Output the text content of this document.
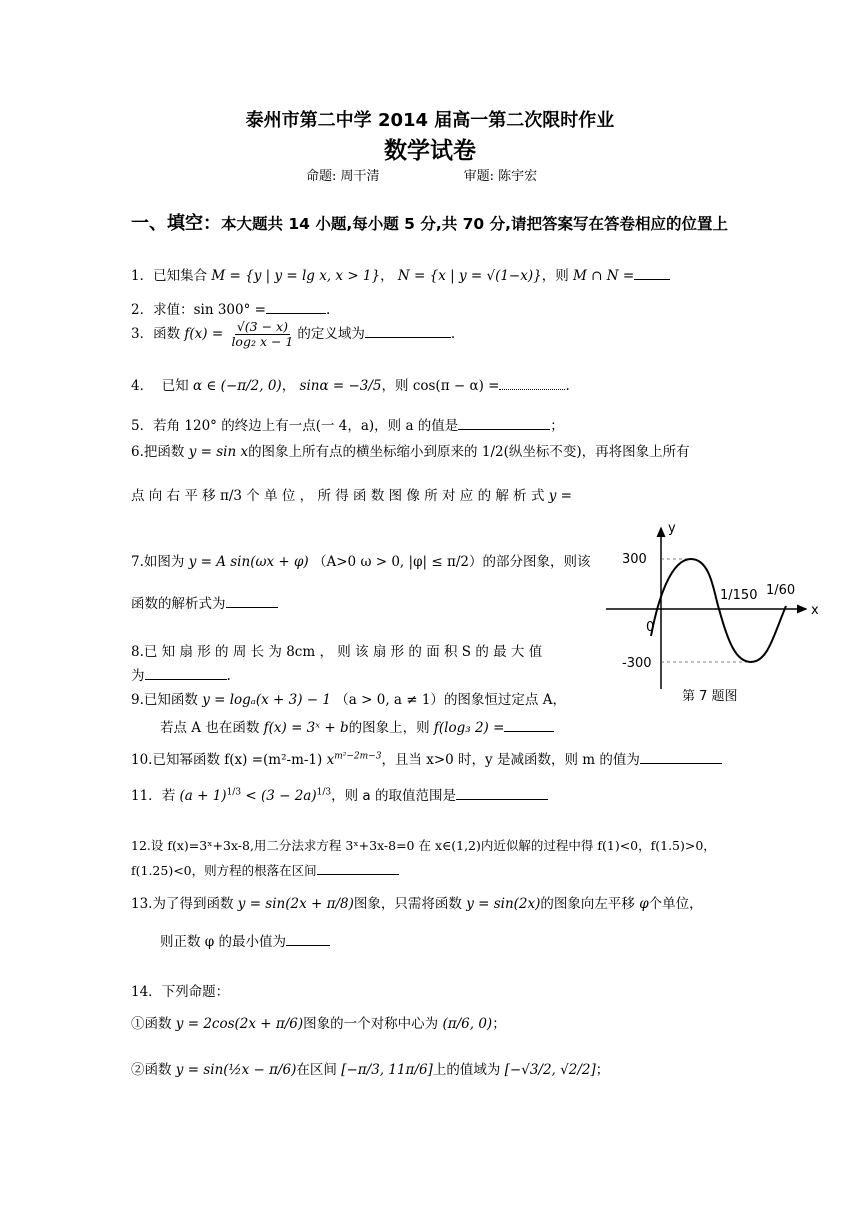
泰州市第二中学 2014 届高一第二次限时作业
数学试卷
命题: 周干清	审题: 陈宇宏
一、填空：本大题共 14 小题,每小题 5 分,共 70 分,请把答案写在答卷相应的位置上
1．已知集合 M = {y | y = lg x, x > 1}， N = {x | y = √(1−x)}，则 M ∩ N =
2．求值：sin 300° =	.
3．函数 $f(x) = \frac{√(3 - x)}{\text{log₂ x − 1}}$ 的定义域为	.
4． 已知 α ∈ (−π/2, 0)， sinα = −3/5，则 cos(π − α) =	.
5．若角 120° 的终边上有一点(一 4，a)，则 a 的值是	；
6.把函数 y = sin x的图象上所有点的横坐标缩小到原来的 1/2(纵坐标不变)，再将图象上所有
点 向 右 平 移 π/3 个 单 位 ， 所 得 函 数 图 像 所 对 应 的 解 析 式 y =
7.如图为 y = A sin(ωx + φ) （A>0 ω > 0, |φ| ≤ π/2）的部分图象，则该
函数的解析式为
8.已 知 扇 形 的 周 长 为 8cm ， 则 该 扇 形 的 面 积 S 的 最 大 值
为	.
9.已知函数 y = logₐ(x + 3) − 1 （a > 0, a ≠ 1）的图象恒过定点 A，
若点 A 也在函数 f(x) = 3ˣ + b的图象上，则 f(log₃ 2) =
10.已知幂函数 f(x) =(m²-m-1) $x^{m^2-2m-3}$，且当 x>0 时，y 是减函数，则 m 的值为
11．若 $(a + 1)^{1/3} < (3 - 2a)^{1/3}$，则 a 的取值范围是
12.设 f(x)=3ˣ+3x-8,用二分法求方程 3ˣ+3x-8=0 在 x∈(1,2)内近似解的过程中得 f(1)<0，f(1.5)>0，
f(1.25)<0，则方程的根落在区间
13.为了得到函数 y = sin(2x + π/8)图象，只需将函数 y = sin(2x)的图象向左平移 φ个单位，
则正数 φ 的最小值为
14．下列命题：
①函数 y = 2cos(2x + π/6)图象的一个对称中心为 (π/6, 0)；
②函数 y = sin(½x − π/6)在区间 [−π/3, 11π/6]上的值域为 [−√3/2, √2/2]；
y
x
0
300
-300
1/150 1/60
第 7 题图
